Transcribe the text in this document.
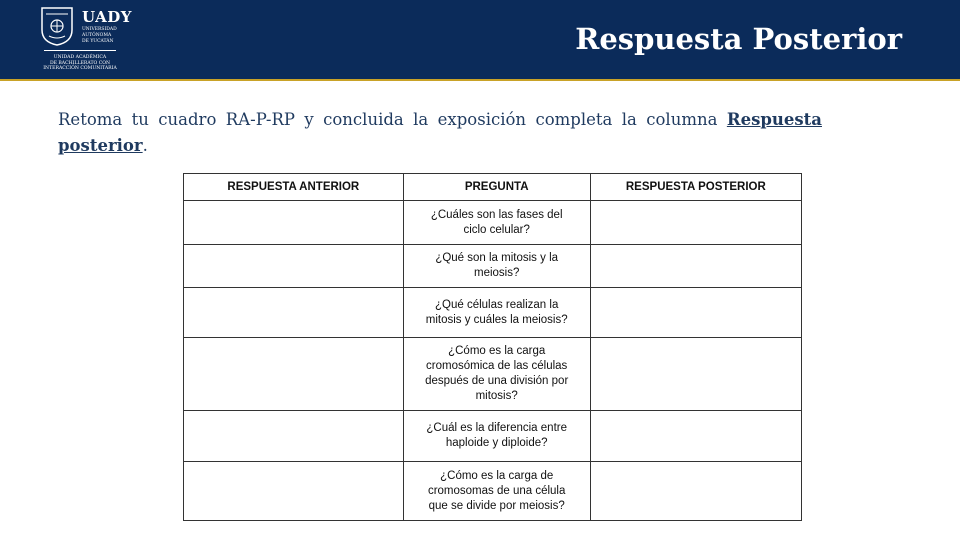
UADY
UNIVERSIDAD
AUTÓNOMA
DE YUCATÁN
UNIDAD ACADÉMICA
DE BACHILLERATO CON
INTERACCIÓN COMUNITARIA
Respuesta Posterior
Retoma tu cuadro RA-P-RP y concluida la exposición completa la columna Respuesta posterior.
RESPUESTA ANTERIOR	PREGUNTA	RESPUESTA POSTERIOR

	¿Cuáles son las fases del
ciclo celular?	

	¿Qué son la mitosis y la
meiosis?	

	¿Qué células realizan la
mitosis y cuáles la meiosis?	

	¿Cómo es la carga
cromosómica de las células
después de una división por
mitosis?	

	¿Cuál es la diferencia entre
haploide y diploide?	

	¿Cómo es la carga de
cromosomas de una célula
que se divide por meiosis?	
